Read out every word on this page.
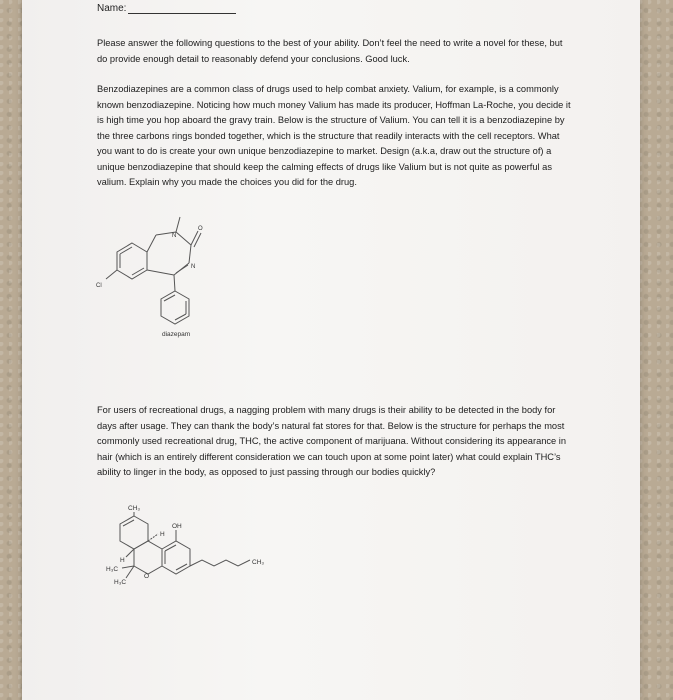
Name:
Please answer the following questions to the best of your ability. Don’t feel the need to write a novel for these, but do provide enough detail to reasonably defend your conclusions. Good luck.
Benzodiazepines are a common class of drugs used to help combat anxiety. Valium, for example, is a commonly known benzodiazepine. Noticing how much money Valium has made its producer, Hoffman La-Roche, you decide it is high time you hop aboard the gravy train. Below is the structure of Valium. You can tell it is a benzodiazepine by the three carbons rings bonded together, which is the structure that readily interacts with the cell receptors. What you want to do is create your own unique benzodiazepine to market. Design (a.k.a, draw out the structure of) a unique benzodiazepine that should keep the calming effects of drugs like Valium but is not quite as powerful as valium. Explain why you made the choices you did for the drug.
N
N
O
Cl
diazepam
For users of recreational drugs, a nagging problem with many drugs is their ability to be detected in the body for days after usage. They can thank the body’s natural fat stores for that. Below is the structure for perhaps the most commonly used recreational drug, THC, the active component of marijuana. Without considering its appearance in hair (which is an entirely different consideration we can touch upon at some point later) what could explain THC’s ability to linger in the body, as opposed to just passing through our bodies quickly?
CH₃
OH
H
H
H₃C
H₃C
O
CH₃
